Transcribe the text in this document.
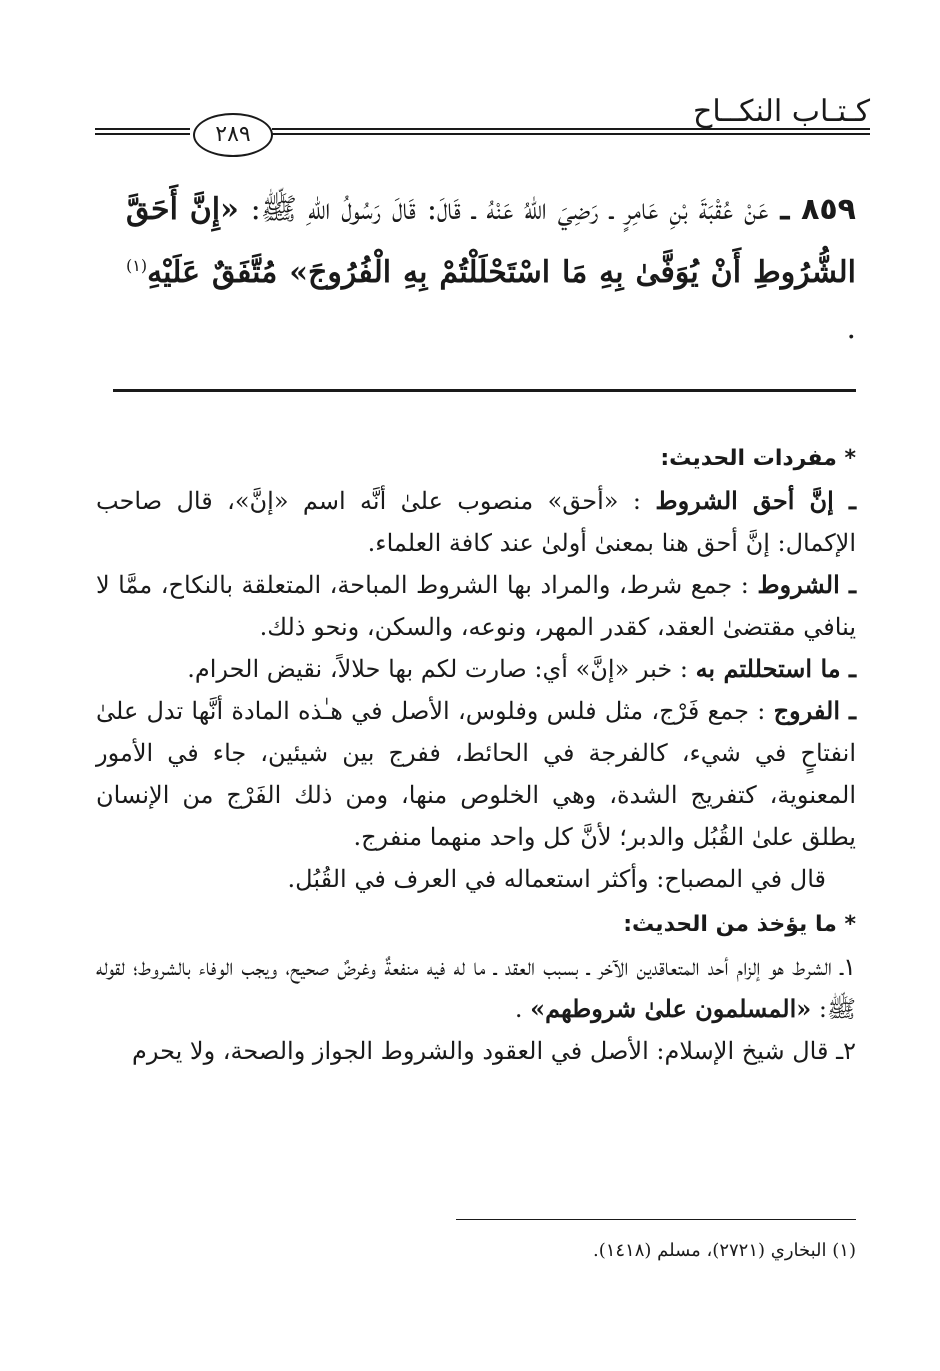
كـتـاب النكــاح
٢٨٩
٨٥٩ ـ عَنْ عُقْبَةَ بْنِ عَامِرٍ ـ رَضِيَ اللهُ عَنْهُ ـ قَالَ: قَالَ رَسُولُ اللهِ ﷺ: «إِنَّ أَحَقَّ الشُّرُوطِ أَنْ يُوَفَّىٰ بِهِ مَا اسْتَحْلَلْتُمْ بِهِ الْفُرُوجَ» مُتَّفَقٌ عَلَيْهِ$^{(١)}$ .

* مفردات الحديث:

ـ إنَّ أحق الشروط : «أحق» منصوب علىٰ أنَّه اسم «إنَّ»، قال صاحب الإكمال: إنَّ أحق هنا بمعنىٰ أولىٰ عند كافة العلماء.

ـ الشروط : جمع شرط، والمراد بها الشروط المباحة، المتعلقة بالنكاح، ممَّا لا ينافي مقتضىٰ العقد، كقدر المهر، ونوعه، والسكن، ونحو ذلك.

ـ ما استحللتم به : خبر «إنَّ» أي: صارت لكم بها حلالاً، نقيض الحرام.

ـ الفروج : جمع فَرْج، مثل فلس وفلوس، الأصل في هـٰذه المادة أنَّها تدل علىٰ انفتاحٍ في شيء، كالفرجة في الحائط، ففرج بين شيئين، جاء في الأمور المعنوية، كتفريج الشدة، وهي الخلوص منها، ومن ذلك الفَرْج من الإنسان يطلق علىٰ القُبُل والدبر؛ لأنَّ كل واحد منهما منفرج.

قال في المصباح: وأكثر استعماله في العرف في القُبُل.

* ما يؤخذ من الحديث:

١ـ الشرط هو إلزام أحد المتعاقدين الآخر ـ بسبب العقد ـ ما له فيه منفعةٌ وغرضٌ صحيح، ويجب الوفاء بالشروط؛ لقوله ﷺ: «المسلمون علىٰ شروطهم» .

٢ـ قال شيخ الإسلام: الأصل في العقود والشروط الجواز والصحة، ولا يحرم

(١) البخاري (٢٧٢١)، مسلم (١٤١٨).
